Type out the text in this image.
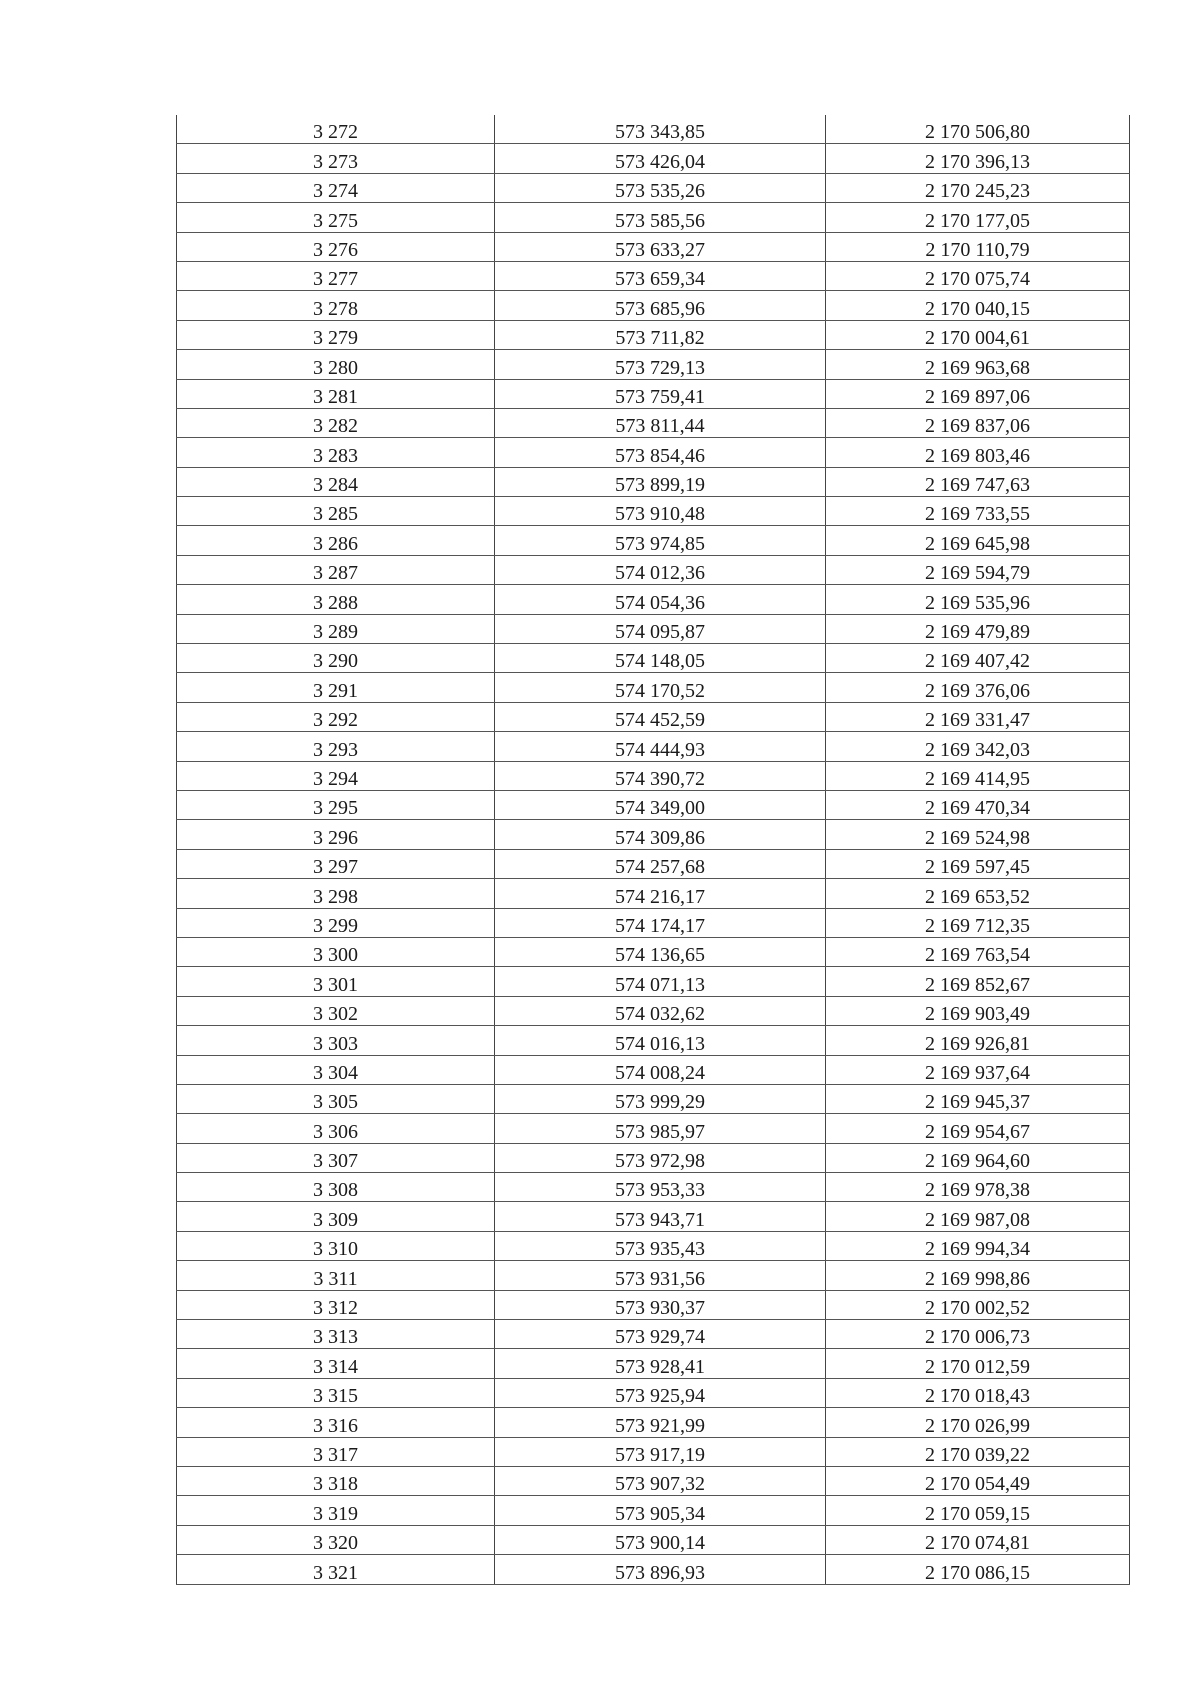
3 272	573 343,85	2 170 506,80
3 273	573 426,04	2 170 396,13
3 274	573 535,26	2 170 245,23
3 275	573 585,56	2 170 177,05
3 276	573 633,27	2 170 110,79
3 277	573 659,34	2 170 075,74
3 278	573 685,96	2 170 040,15
3 279	573 711,82	2 170 004,61
3 280	573 729,13	2 169 963,68
3 281	573 759,41	2 169 897,06
3 282	573 811,44	2 169 837,06
3 283	573 854,46	2 169 803,46
3 284	573 899,19	2 169 747,63
3 285	573 910,48	2 169 733,55
3 286	573 974,85	2 169 645,98
3 287	574 012,36	2 169 594,79
3 288	574 054,36	2 169 535,96
3 289	574 095,87	2 169 479,89
3 290	574 148,05	2 169 407,42
3 291	574 170,52	2 169 376,06
3 292	574 452,59	2 169 331,47
3 293	574 444,93	2 169 342,03
3 294	574 390,72	2 169 414,95
3 295	574 349,00	2 169 470,34
3 296	574 309,86	2 169 524,98
3 297	574 257,68	2 169 597,45
3 298	574 216,17	2 169 653,52
3 299	574 174,17	2 169 712,35
3 300	574 136,65	2 169 763,54
3 301	574 071,13	2 169 852,67
3 302	574 032,62	2 169 903,49
3 303	574 016,13	2 169 926,81
3 304	574 008,24	2 169 937,64
3 305	573 999,29	2 169 945,37
3 306	573 985,97	2 169 954,67
3 307	573 972,98	2 169 964,60
3 308	573 953,33	2 169 978,38
3 309	573 943,71	2 169 987,08
3 310	573 935,43	2 169 994,34
3 311	573 931,56	2 169 998,86
3 312	573 930,37	2 170 002,52
3 313	573 929,74	2 170 006,73
3 314	573 928,41	2 170 012,59
3 315	573 925,94	2 170 018,43
3 316	573 921,99	2 170 026,99
3 317	573 917,19	2 170 039,22
3 318	573 907,32	2 170 054,49
3 319	573 905,34	2 170 059,15
3 320	573 900,14	2 170 074,81
3 321	573 896,93	2 170 086,15
